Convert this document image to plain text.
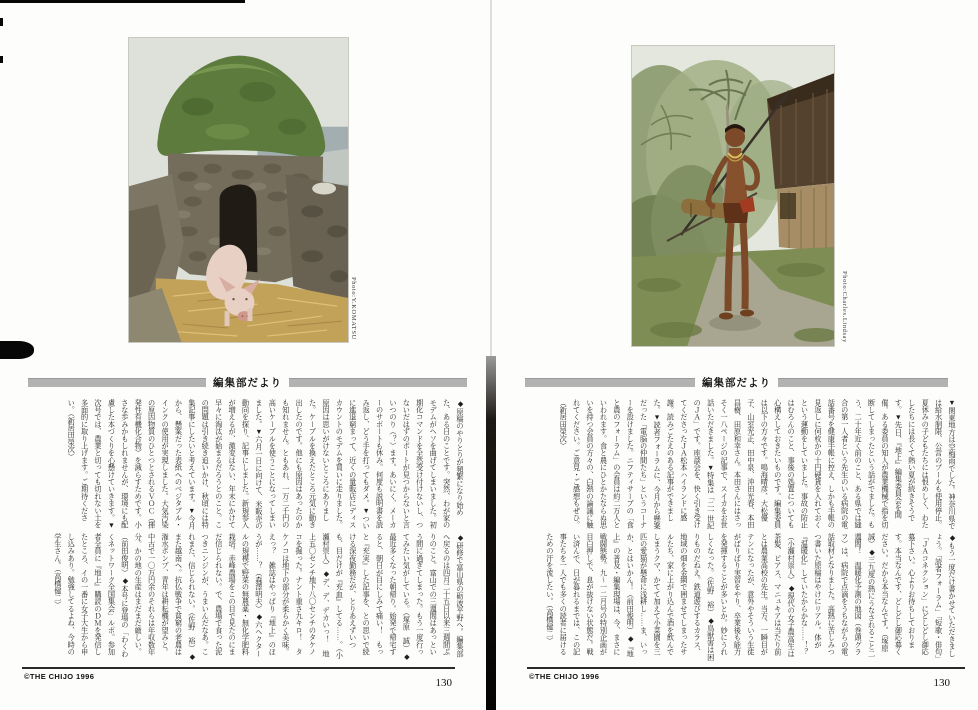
Photo:Y.KOMATSU
編集部だより
◆原稿のやりとりが頻繁になり始めた、ある日のことです。突然、わが家のモデムがヘソを曲げてしまいました。初期化コマンドを全然受け付けないし、つないだはずのポートが見つからないと言いつのり（？）ます。あいにく、メーカーのサポートも休み。何度も説明書を読み返し、どう手を打ってもダメ。▼ついに進退窮まって、近くの量販店にディスカウントのモデムを買いに走りました。原因は思いがけないところにありました。ケーブルを換えたところ元気に動き出したのです。他にも原因はあったのかも知れません。ともあれ、一万二千円の高いケーブルを使うことになってしまいました。▼六月一日に向けて、米販売の動向を探り、記事にしました。新規参入が増えるが、激変はない、年末にかけて早々に淘汰が始まるだろうとのこと。この問題は引き続き追いかけ、秋頃には特集記事にしたいと考えています。▼今月から、懸案だった表紙へのベジタブル・インクの使用が実現しました。大気汚染の原因物質のひとつとされるＶＯＣ（揮発性有機化合物）を減らすためです。小さな歩みかもしれませんが、環境にも配慮した本づくりを心懸けていきます。▼次号では、農業と切っても切れない土を多面的に取り上げます。ご期待ください。（新居田榮次）
◆研修で富山県の砺波平野へ。編集部へ戻るのは四月二十五日以来三週間ぶりのこと。富山での三週間はあっという間に過ぎてしまった。もう一度行ってみたい気がしている。（塚原　誠）◆最近多くなった朝帰り。始発で帰宅すると、朝日が目にしみて痛い！　もっと『充実』した記事を、との思いで続ける深夜勤務だが、とりあえずいつも、目だけが『充血』してる……。（小瀬村崇人）◆デ、デ、デカいっ！　地上五〇センチ地下八〇センチのタケノコを掘った。ナント重さ九キロ！　タケノコは地下の部分が柔らかく美味。えっ？　雑誌はやっぱり『地上』のほうが……？（森澤明夫）◆六ヘクタールの規模で野菜の無農薬・無化学肥料栽培。赤峰農場をこの目で見たのにまだ信じられない。で、農場で食った泥つきニンジンが、うまいんだなあ。これまた、信じられない。（佐野　裕）◆また越南へ。抗仏戦争で貧窮の老農は潅水ポンプ、青年は耕耘機が望みと。中古で一〇万円余のそれらは年収数年分。かの地の生産はまだまだ厳しい。（前田俊明）◆本号に登場の「わくわくネットワーク全国集会」ルポ。参加者全員に『地上』購読のＤＭを発信したところ、イの一番に女子大生から申し込みあり。勉強してるよね、今時の学生さん。（高橋健二）
©THE CHIJO 1996
130
Photo:Charles.Lindsay
編集部だより
▼関東地方は空梅雨でした。神奈川県では給水制限、公営のプールも使用停止。夏休みの子どもたちには恨めしく、わたしたちには長くて熱い夏が続きそうです。▼先日、『地上』編集委員会を開催。ある委員の知人が農業機械で指を切断してしまったという話がでました。もう、二十年近く前のこと、ある県では縫合の第一人者という先生のいる病院の電話番号を健康手帳に控え、しかも手帳の見返しに何枚かの十円硬貨を入れておくという運動をしていました。事故の防止はむろんのこと、事後の処置についても心構えしておきたいものです。編集委員は以下の方々です。鳴海晴彦、大松優子、山室光正、田中泉、沖田光春、本田昌樹、田原和幸さん。本田さんにはさっそく一八ページの記事で、スイカをお世話いただきました。▼特集は「二一世紀のＪＡ」です。座談会を、快く引き受けてくださったＪＡ松本ハイランドに感謝。読みごたえのある記事ができました。▼読者フォーラムに、今月から懸案だった「電脳の仲間たち」というコーナーを設けました。ニフティサーブの「食と農のフォーラム」の会員は約二万人といわれます。食と農にひとかたならぬ思いを持つ会員の方々の、白熱の論議に触れてください。ご意見・ご感想もぜひ。（新居田榮次）
◆もう一度だけ書かせていただきましょう。「読者フォーラム」「短歌・俳句」「ＪＡコネクション」にどしどし御応募下さい。心よりお待ちしております。本当なんです、どしどし御応募ください。だから本当なんです。（塚原　誠）◆三九度の熱にうなされること二週間！　温暖化予測の地図（巻頭グラフ）は、病院で点滴をうちながらの電話取材となりました。高熱に苦しみつつ書いた原稿はやけにリアル。体が『温暖化』していたからかな……！？（小瀬村崇人）◆現代の女子農高生は茶髪、ピアス、マニュキアは当たり前とは農業高校の先生。当方、一瞬目がテンになったが、意外やそういう生徒がばりばり実習をやり、卒業後も能力を発揮することが多いとか。妙にうれしくなった。（佐野　裕）◆鳥獣害は困りものだねえ。鉄道遊びするカラス、地域の畑を金網で囲ませてしまったサルたち、家に上がり込んで酒を飲んでしまうクマ、かてて加えて小菜園を三匹の愛猫が懸命に浅耕し……ま、いっか、とはいかん！（前田俊明）◆『地上』の普及・編集現場は、今、まさに戦闘態勢。九〜一二月号の特別企画が目白押しで、息が抜けない状態だ。戦い済んで、日が暮れるまでは、この記事たちを一人でも多くの読者に届けるための汗を流したい。（高橋健二）
©THE CHIJO 1996
130
